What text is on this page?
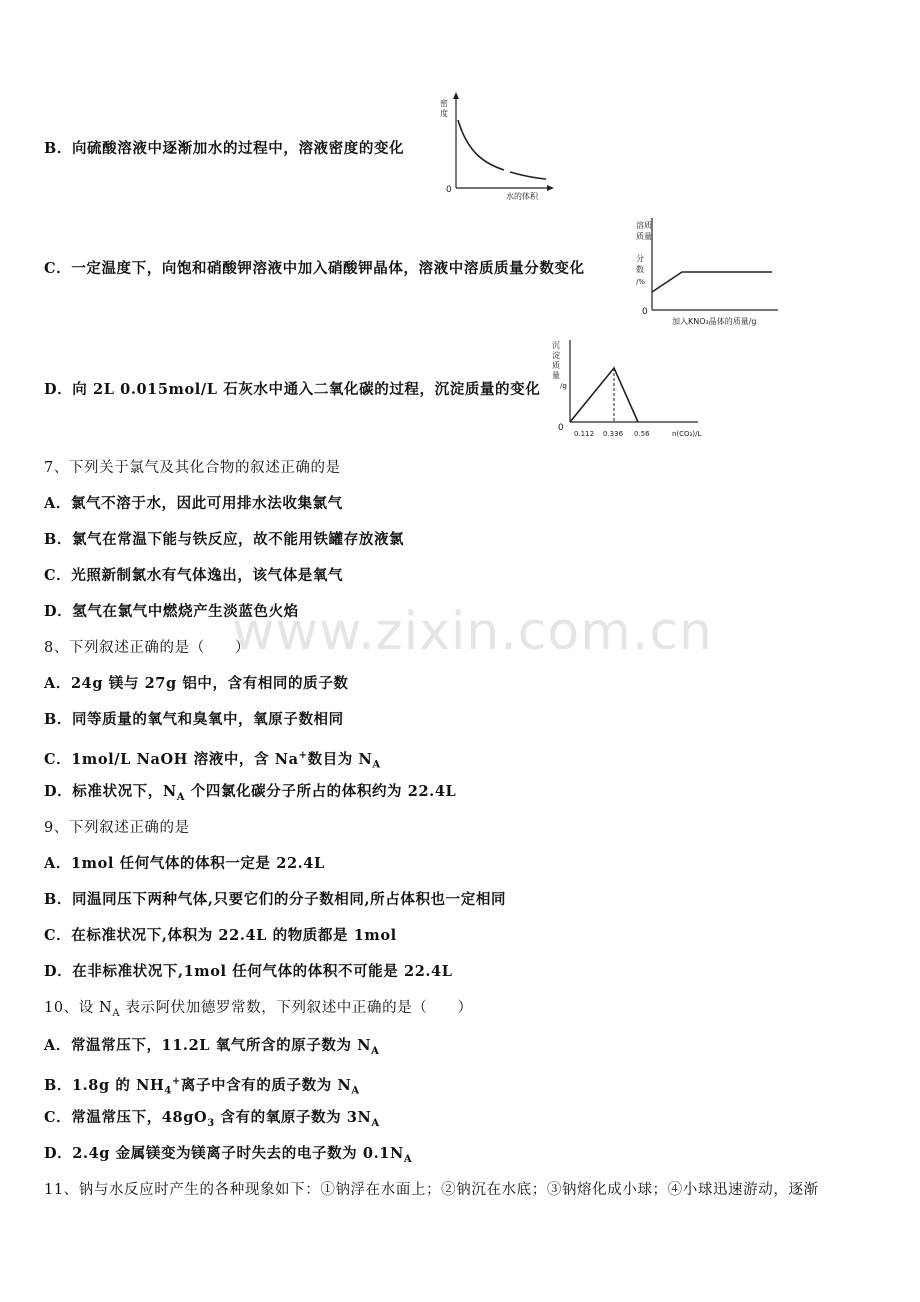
B．向硫酸溶液中逐渐加水的过程中，溶液密度的变化
C．一定温度下，向饱和硝酸钾溶液中加入硝酸钾晶体，溶液中溶质质量分数变化
D．向 2L 0.015mol/L 石灰水中通入二氧化碳的过程，沉淀质量的变化
密
度
0
水的体积
溶 质
质 量
分
数
/%
0
加入KNO₃晶体的质量/g
沉
淀
质
量
/g
0
0.112 0.336 0.56	n(CO₂)/L
7、下列关于氯气及其化合物的叙述正确的是
A．氯气不溶于水，因此可用排水法收集氯气
B．氯气在常温下能与铁反应，故不能用铁罐存放液氯
C．光照新制氯水有气体逸出，该气体是氧气
D．氢气在氯气中燃烧产生淡蓝色火焰
www.zixin.com.cn
8、下列叙述正确的是（　　）
A．24g 镁与 27g 铝中，含有相同的质子数
B．同等质量的氧气和臭氧中，氧原子数相同
C．1mol/L NaOH 溶液中，含 Na+数目为 $N_A$
D．标准状况下，$N_A$ 个四氯化碳分子所占的体积约为 22.4L
9、下列叙述正确的是
A．1mol 任何气体的体积一定是 22.4L
B．同温同压下两种气体,只要它们的分子数相同,所占体积也一定相同
C．在标准状况下,体积为 22.4L 的物质都是 1mol
D．在非标准状况下,1mol 任何气体的体积不可能是 22.4L
10、设 $N_A$ 表示阿伏加德罗常数，下列叙述中正确的是（　　）
A．常温常压下，11.2L 氧气所含的原子数为 $N_A$
B．1.8g 的 $NH_4^+$离子中含有的质子数为 $N_A$
C．常温常压下，$48gO_3$ 含有的氧原子数为 $3N_A$
D．2.4g 金属镁变为镁离子时失去的电子数为 $0.1N_A$
11、钠与水反应时产生的各种现象如下：①钠浮在水面上；②钠沉在水底；③钠熔化成小球；④小球迅速游动，逐渐
